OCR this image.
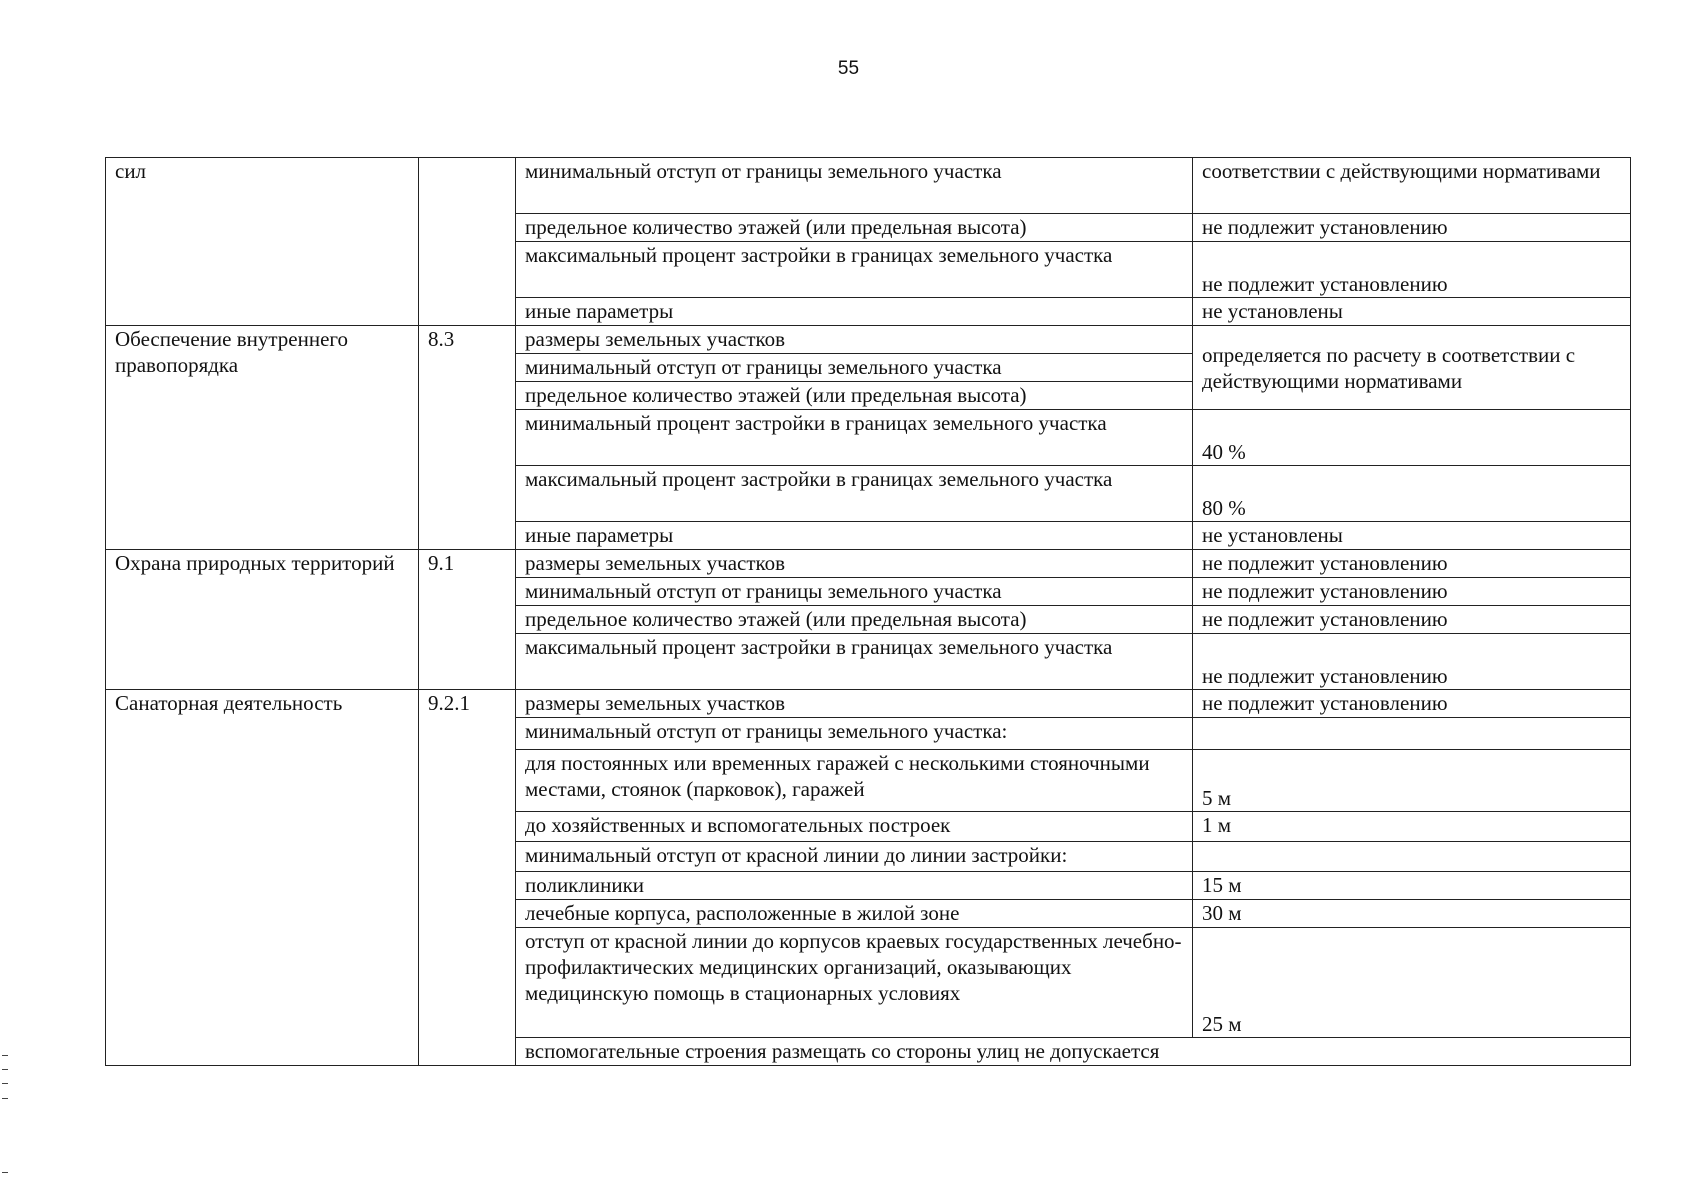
55
сил		минимальный отступ от границы земельного участка	соответствии с действующими нормативами
		предельное количество этажей (или предельная высота)	не подлежит установлению
		максимальный процент застройки в границах земельного участка	не подлежит установлению
		иные параметры	не установлены
Обеспечение внутреннего правопорядка	8.3	размеры земельных участков	определяется по расчету в соответствии с действующими нормативами
		минимальный отступ от границы земельного участка	
		предельное количество этажей (или предельная высота)	
		минимальный процент застройки в границах земельного участка	40 %
		максимальный процент застройки в границах земельного участка	80 %
		иные параметры	не установлены
Охрана природных территорий	9.1	размеры земельных участков	не подлежит установлению
		минимальный отступ от границы земельного участка	не подлежит установлению
		предельное количество этажей (или предельная высота)	не подлежит установлению
		максимальный процент застройки в границах земельного участка	не подлежит установлению
Санаторная деятельность	9.2.1	размеры земельных участков	не подлежит установлению
		минимальный отступ от границы земельного участка:	
		для постоянных или временных гаражей с несколькими стояночными местами, стоянок (парковок), гаражей	5 м
		до хозяйственных и вспомогательных построек	1 м
		минимальный отступ от красной линии до линии застройки:	
		поликлиники	15 м
		лечебные корпуса, расположенные в жилой зоне	30 м
		отступ от красной линии до корпусов краевых государственных лечебно-профилактических медицинских организаций, оказывающих медицинскую помощь в стационарных условиях	25 м
		вспомогательные строения размещать со стороны улиц не допускается	
